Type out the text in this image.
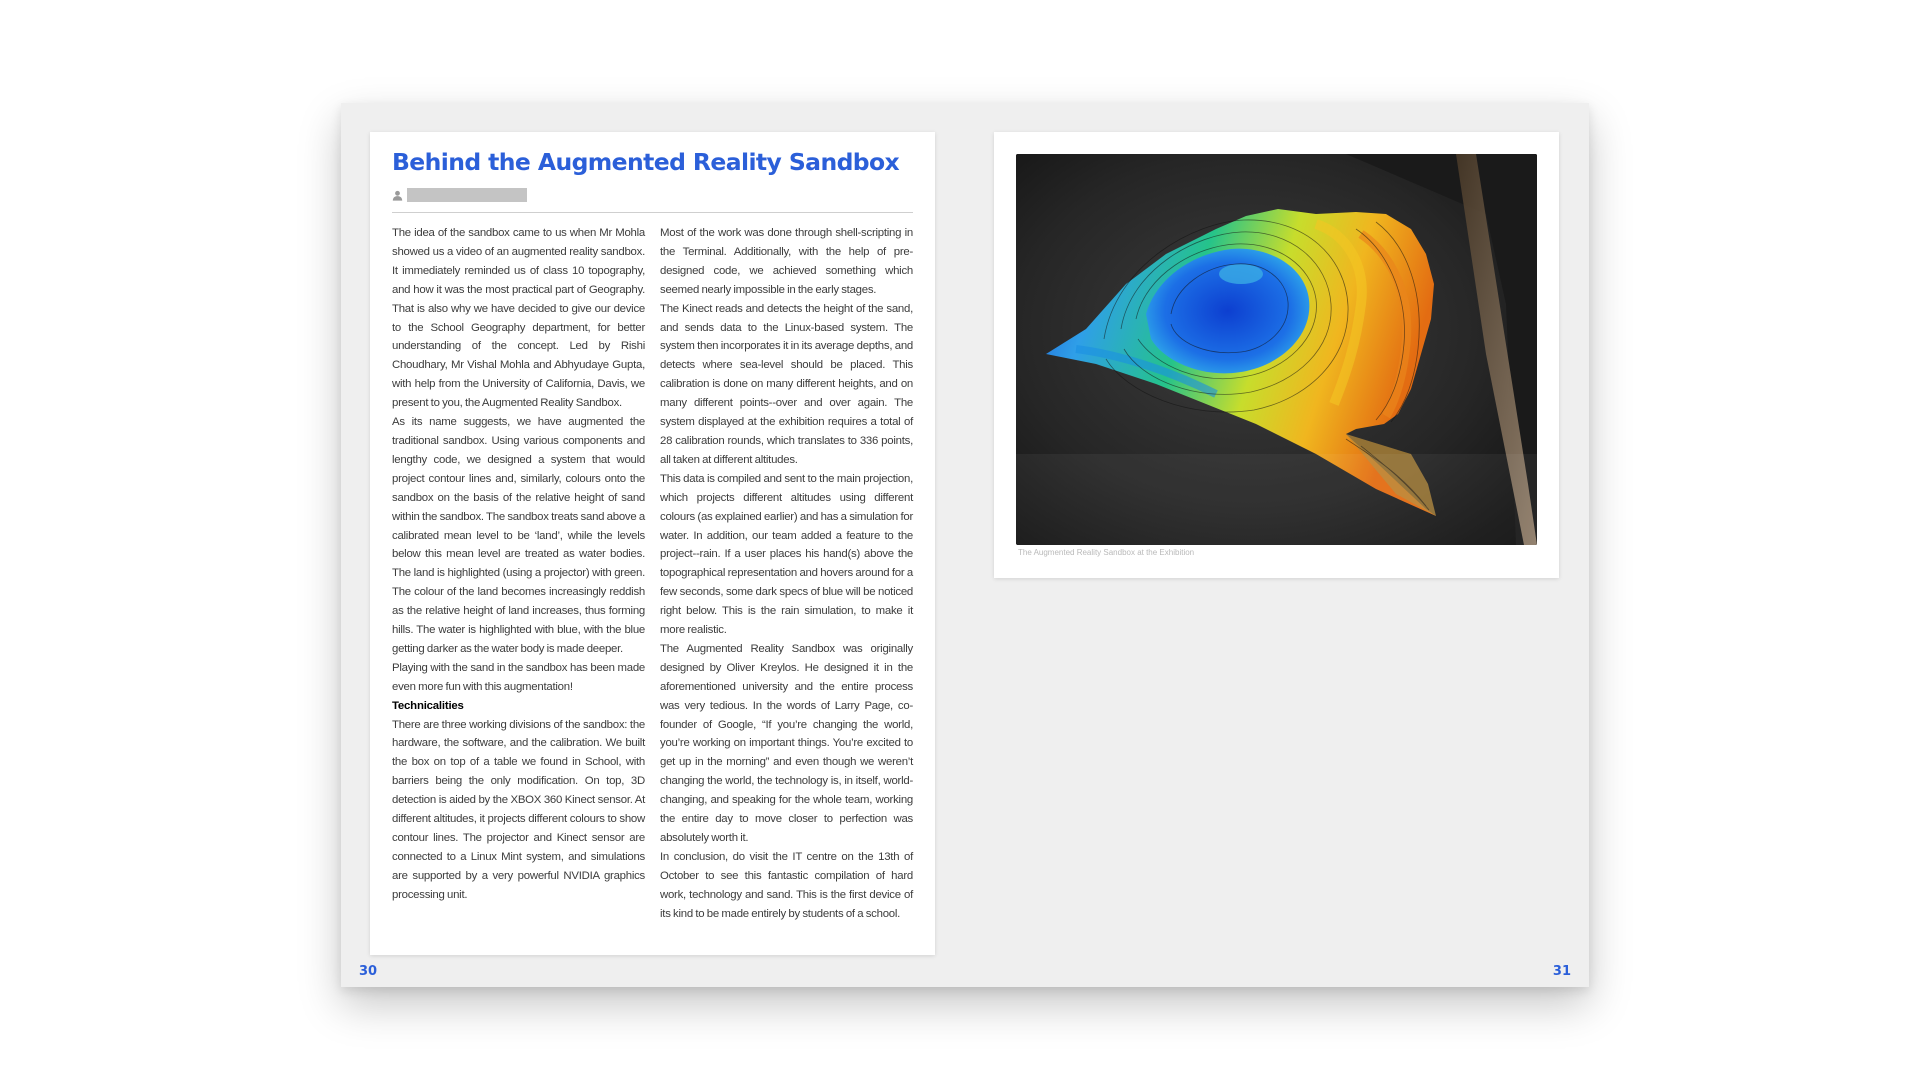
Behind the Augmented Reality Sandbox

The idea of the sandbox came to us when Mr Mohla showed us a video of an augmented reality sandbox. It immediately reminded us of class 10 topography, and how it was the most practical part of Geography. That is also why we have decided to give our device to the School Geography department, for better understanding of the concept. Led by Rishi Choudhary, Mr Vishal Mohla and Abhyudaye Gupta, with help from the University of California, Davis, we present to you, the Augmented Reality Sandbox.

As its name suggests, we have augmented the traditional sandbox. Using various components and lengthy code, we designed a system that would project contour lines and, similarly, colours onto the sandbox on the basis of the relative height of sand within the sandbox. The sandbox treats sand above a calibrated mean level to be ‘land’, while the levels below this mean level are treated as water bodies. The land is highlighted (using a projector) with green. The colour of the land becomes increasingly reddish as the relative height of land increases, thus forming hills. The water is highlighted with blue, with the blue getting darker as the water body is made deeper.

Playing with the sand in the sandbox has been made even more fun with this augmentation!

Technicalities

There are three working divisions of the sandbox: the hardware, the software, and the calibration. We built the box on top of a table we found in School, with barriers being the only modification. On top, 3D detection is aided by the XBOX 360 Kinect sensor. At different altitudes, it projects different colours to show contour lines. The projector and Kinect sensor are connected to a Linux Mint system, and simulations are supported by a very powerful NVIDIA graphics processing unit.

Most of the work was done through shell-scripting in the Terminal. Additionally, with the help of pre-designed code, we achieved something which seemed nearly impossible in the early stages.

The Kinect reads and detects the height of the sand, and sends data to the Linux-based system. The system then incorporates it in its average depths, and detects where sea-level should be placed. This calibration is done on many different heights, and on many different points--over and over again. The system displayed at the exhibition requires a total of 28 calibration rounds, which translates to 336 points, all taken at different altitudes.

This data is compiled and sent to the main projection, which projects different altitudes using different colours (as explained earlier) and has a simulation for water. In addition, our team added a feature to the project--rain. If a user places his hand(s) above the topographical representation and hovers around for a few seconds, some dark specs of blue will be noticed right below. This is the rain simulation, to make it more realistic.

The Augmented Reality Sandbox was originally designed by Oliver Kreylos. He designed it in the aforementioned university and the entire process was very tedious. In the words of Larry Page, co-founder of Google, “If you’re changing the world, you’re working on important things. You’re excited to get up in the morning” and even though we weren’t changing the world, the technology is, in itself, world-changing, and speaking for the whole team, working the entire day to move closer to perfection was absolutely worth it.

In conclusion, do visit the IT centre on the 13th of October to see this fantastic compilation of hard work, technology and sand. This is the first device of its kind to be made entirely by students of a school.

The Augmented Reality Sandbox at the Exhibition
30	31
